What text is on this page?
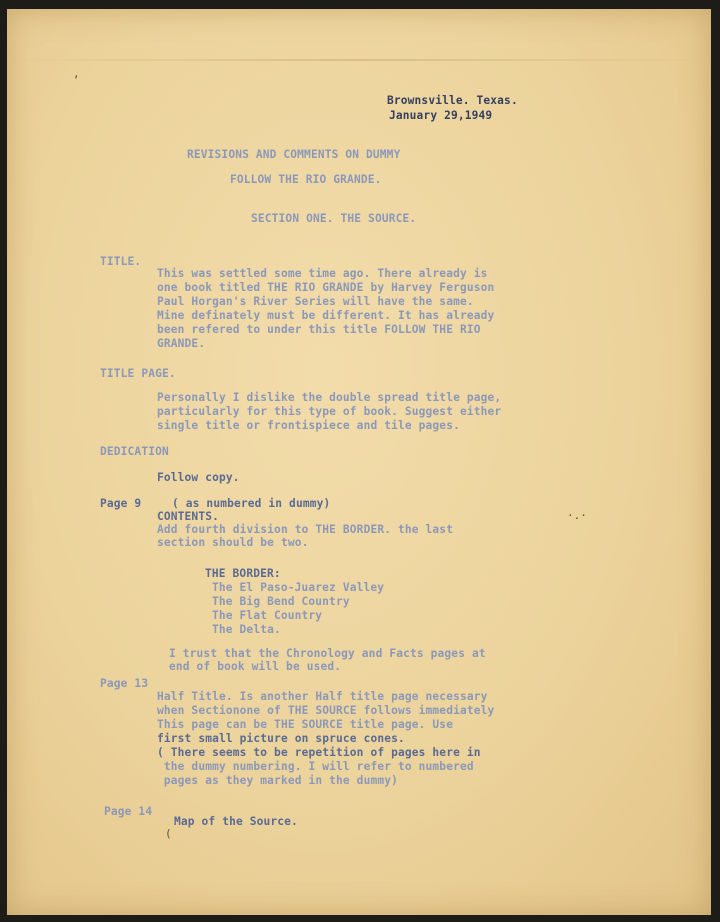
Brownsville. Texas.

January 29,1949

REVISIONS AND COMMENTS ON DUMMY

FOLLOW THE RIO GRANDE.

SECTION ONE. THE SOURCE.

TITLE.

This was settled some time ago. There already is

one book titled THE RIO GRANDE by Harvey Ferguson

Paul Horgan's River Series will have the same.

Mine definately must be different. It has already

been refered to under this title FOLLOW THE RIO

GRANDE.

TITLE PAGE.

Personally I dislike the double spread title page,

particularly for this type of book. Suggest either

single title or frontispiece and tile pages.

DEDICATION

Follow copy.

Page 9	( as numbered in dummy)

CONTENTS.

Add fourth division to THE BORDER. the last

section should be two.

THE BORDER:

The El Paso-Juarez Valley

The Big Bend Country

The Flat Country

The Delta.

I trust that the Chronology and Facts pages at

end of book will be used.

Page 13

Half Title. Is another Half title page necessary

when Sectionone of THE SOURCE follows immediately

This page can be THE SOURCE title page. Use

first small picture on spruce cones.

( There seems to be repetition of pages here in

the dummy numbering. I will refer to numbered

pages as they marked in the dummy)

Page 14

Map of the Source.

,
(
·.·
